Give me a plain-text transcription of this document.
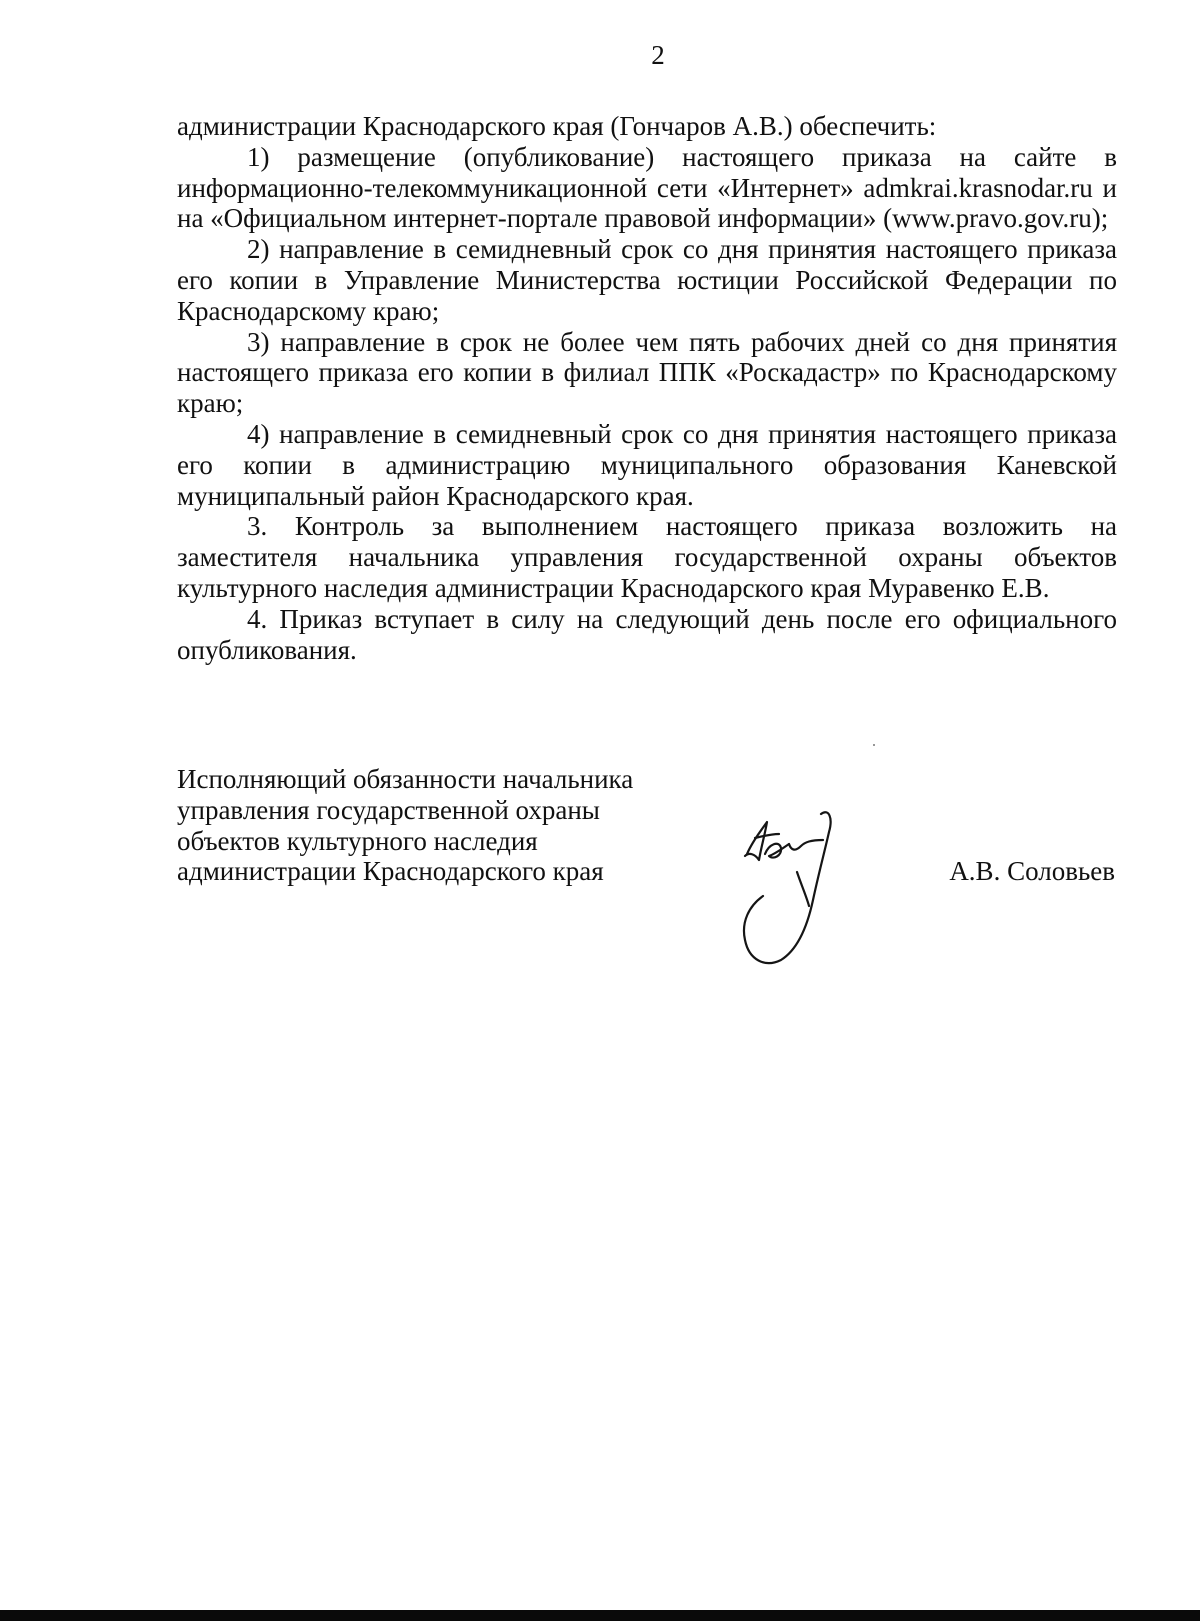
2

администрации Краснодарского края (Гончаров А.В.) обеспечить:

1) размещение (опубликование) настоящего приказа на сайте в информационно-телекоммуникационной сети «Интернет» admkrai.krasnodar.ru и на «Официальном интернет-портале правовой информации» (www.pravo.gov.ru);

2) направление в семидневный срок со дня принятия настоящего приказа его копии в Управление Министерства юстиции Российской Федерации по Краснодарскому краю;

3) направление в срок не более чем пять рабочих дней со дня принятия настоящего приказа его копии в филиал ППК «Роскадастр» по Краснодарскому краю;

4) направление в семидневный срок со дня принятия настоящего приказа его копии в администрацию муниципального образования Каневской муниципальный район Краснодарского края.

3. Контроль за выполнением настоящего приказа возложить на заместителя начальника управления государственной охраны объектов культурного наследия администрации Краснодарского края Муравенко Е.В.

4. Приказ вступает в силу на следующий день после его официального опубликования.

Исполняющий обязанности начальника
управления государственной охраны
объектов культурного наследия
администрации Краснодарского края	А.В. Соловьев
